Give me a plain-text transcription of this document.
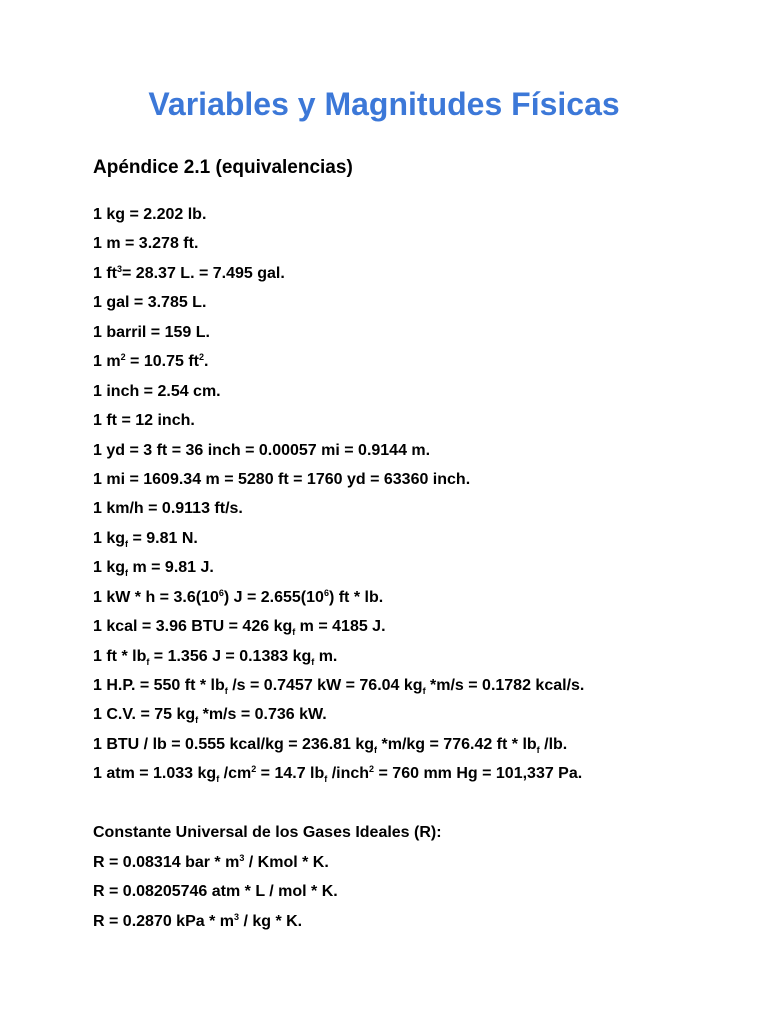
Variables y Magnitudes Físicas
Apéndice 2.1 (equivalencias)
1 kg = 2.202 lb.
1 m = 3.278 ft.
1 $ft^3= 28.37$ L. = 7.495 gal.
1 gal = 3.785 L.
1 barril = 159 L.
1 $m^2 = 10.75$ $ft^2$.
1 inch = 2.54 cm.
1 ft = 12 inch.
1 yd = 3 ft = 36 inch = 0.00057 mi = 0.9144 m.
1 mi = 1609.34 m = 5280 ft = 1760 yd = 63360 inch.
1 km/h = 0.9113 ft/s.
1 $kg_f = 9.81$ N.
1 $kg_f$ m = 9.81 J.
1 kW * $h = 3.6(10^6) J = 2.655(10^6)$ ft * lb.
1 kcal = 3.96 BTU = 426 $kg_f$ m = 4185 J.
1 ft * $lb_f = 1.356$ J = 0.1383 $kg_f$ m.
1 H.P. = 550 ft * $lb_f$ /s = 0.7457 kW = 76.04 $kg_f$ *m/s = 0.1782 kcal/s.
1 C.V. = 75 $kg_f$ *m/s = 0.736 kW.
1 BTU / lb = 0.555 kcal/kg = 236.81 $kg_f$ *m/kg = 776.42 ft * $lb_f$ /lb.
1 atm = 1.033 $kg_f$ $/cm^2 = 14.7$ $lb_f$ /inch$^2$ = 760 mm Hg = 101,337 Pa.
Constante Universal de los Gases Ideales (R):
R = 0.08314 bar * $m^3$ / Kmol * K.
R = 0.08205746 atm * L / mol * K.
R = 0.2870 kPa * $m^3$ / kg * K.
